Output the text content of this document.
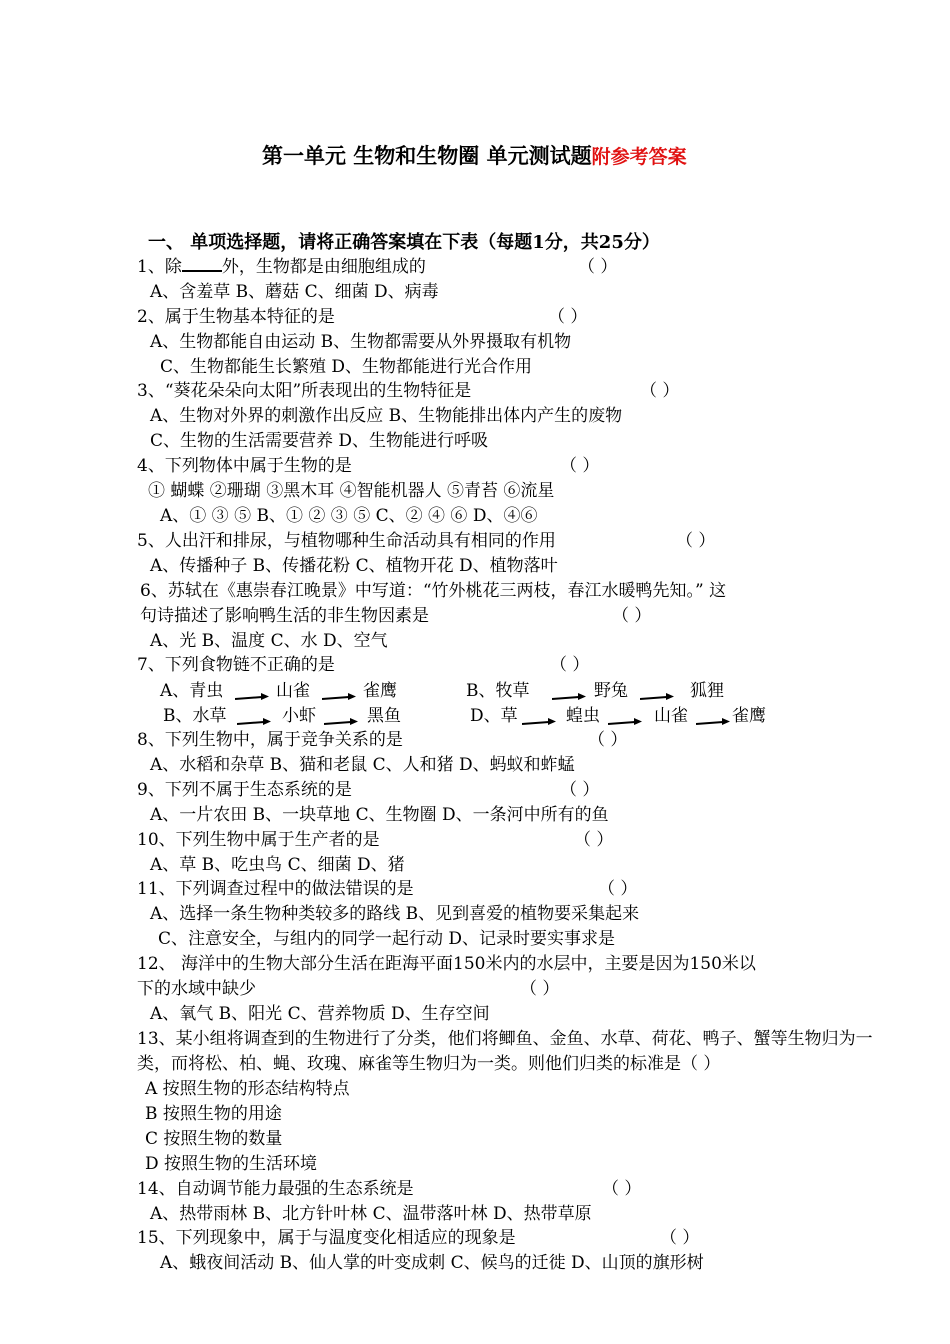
第一单元 生物和生物圈 单元测试题附参考答案
一、 单项选择题，请将正确答案填在下表（每题1分，共25分）
1、除 外，生物都是由细胞组成的	（ ）
A、含羞草 B、蘑菇 C、细菌 D、病毒
2、属于生物基本特征的是	（ ）
A、生物都能自由运动 B、生物都需要从外界摄取有机物
C、生物都能生长繁殖 D、生物都能进行光合作用
3、“葵花朵朵向太阳”所表现出的生物特征是	（ ）
A、生物对外界的刺激作出反应 B、生物能排出体内产生的废物
C、生物的生活需要营养 D、生物能进行呼吸
4、下列物体中属于生物的是	（ ）
① 蝴蝶 ②珊瑚 ③黑木耳 ④智能机器人 ⑤青苔 ⑥流星
A、① ③ ⑤ B、① ② ③ ⑤ C、② ④ ⑥ D、④⑥
5、人出汗和排尿，与植物哪种生命活动具有相同的作用	（ ）
A、传播种子 B、传播花粉 C、植物开花 D、植物落叶
6、苏轼在《惠崇春江晚景》中写道：“竹外桃花三两枝，春江水暖鸭先知。” 这
句诗描述了影响鸭生活的非生物因素是	（ ）
A、光 B、温度 C、水 D、空气
7、下列食物链不正确的是	（ ）
A、青虫	山雀	雀鹰	B、牧草	野兔	狐狸
B、水草	小虾	黑鱼	D、草	蝗虫	山雀	雀鹰
8、下列生物中，属于竞争关系的是	（ ）
A、水稻和杂草 B、猫和老鼠 C、人和猪 D、蚂蚁和蚱蜢
9、下列不属于生态系统的是	（ ）
A、一片农田 B、一块草地 C、生物圈 D、一条河中所有的鱼
10、下列生物中属于生产者的是	（ ）
A、草 B、吃虫鸟 C、细菌 D、猪
11、下列调查过程中的做法错误的是	（ ）
A、选择一条生物种类较多的路线 B、见到喜爱的植物要采集起来
C、注意安全，与组内的同学一起行动 D、记录时要实事求是
12、 海洋中的生物大部分生活在距海平面150米内的水层中，主要是因为150米以
下的水域中缺少	（ ）
A、氧气 B、阳光 C、营养物质 D、生存空间
13、某小组将调查到的生物进行了分类，他们将鲫鱼、金鱼、水草、荷花、鸭子、蟹等生物归为一
类，而将松、柏、蝇、玫瑰、麻雀等生物归为一类。则他们归类的标准是（ ）
A 按照生物的形态结构特点
B 按照生物的用途
C 按照生物的数量
D 按照生物的生活环境
14、自动调节能力最强的生态系统是	（ ）
A、热带雨林 B、北方针叶林 C、温带落叶林 D、热带草原
15、下列现象中，属于与温度变化相适应的现象是	（ ）
A、蛾夜间活动 B、仙人掌的叶变成刺 C、候鸟的迁徙 D、山顶的旗形树
